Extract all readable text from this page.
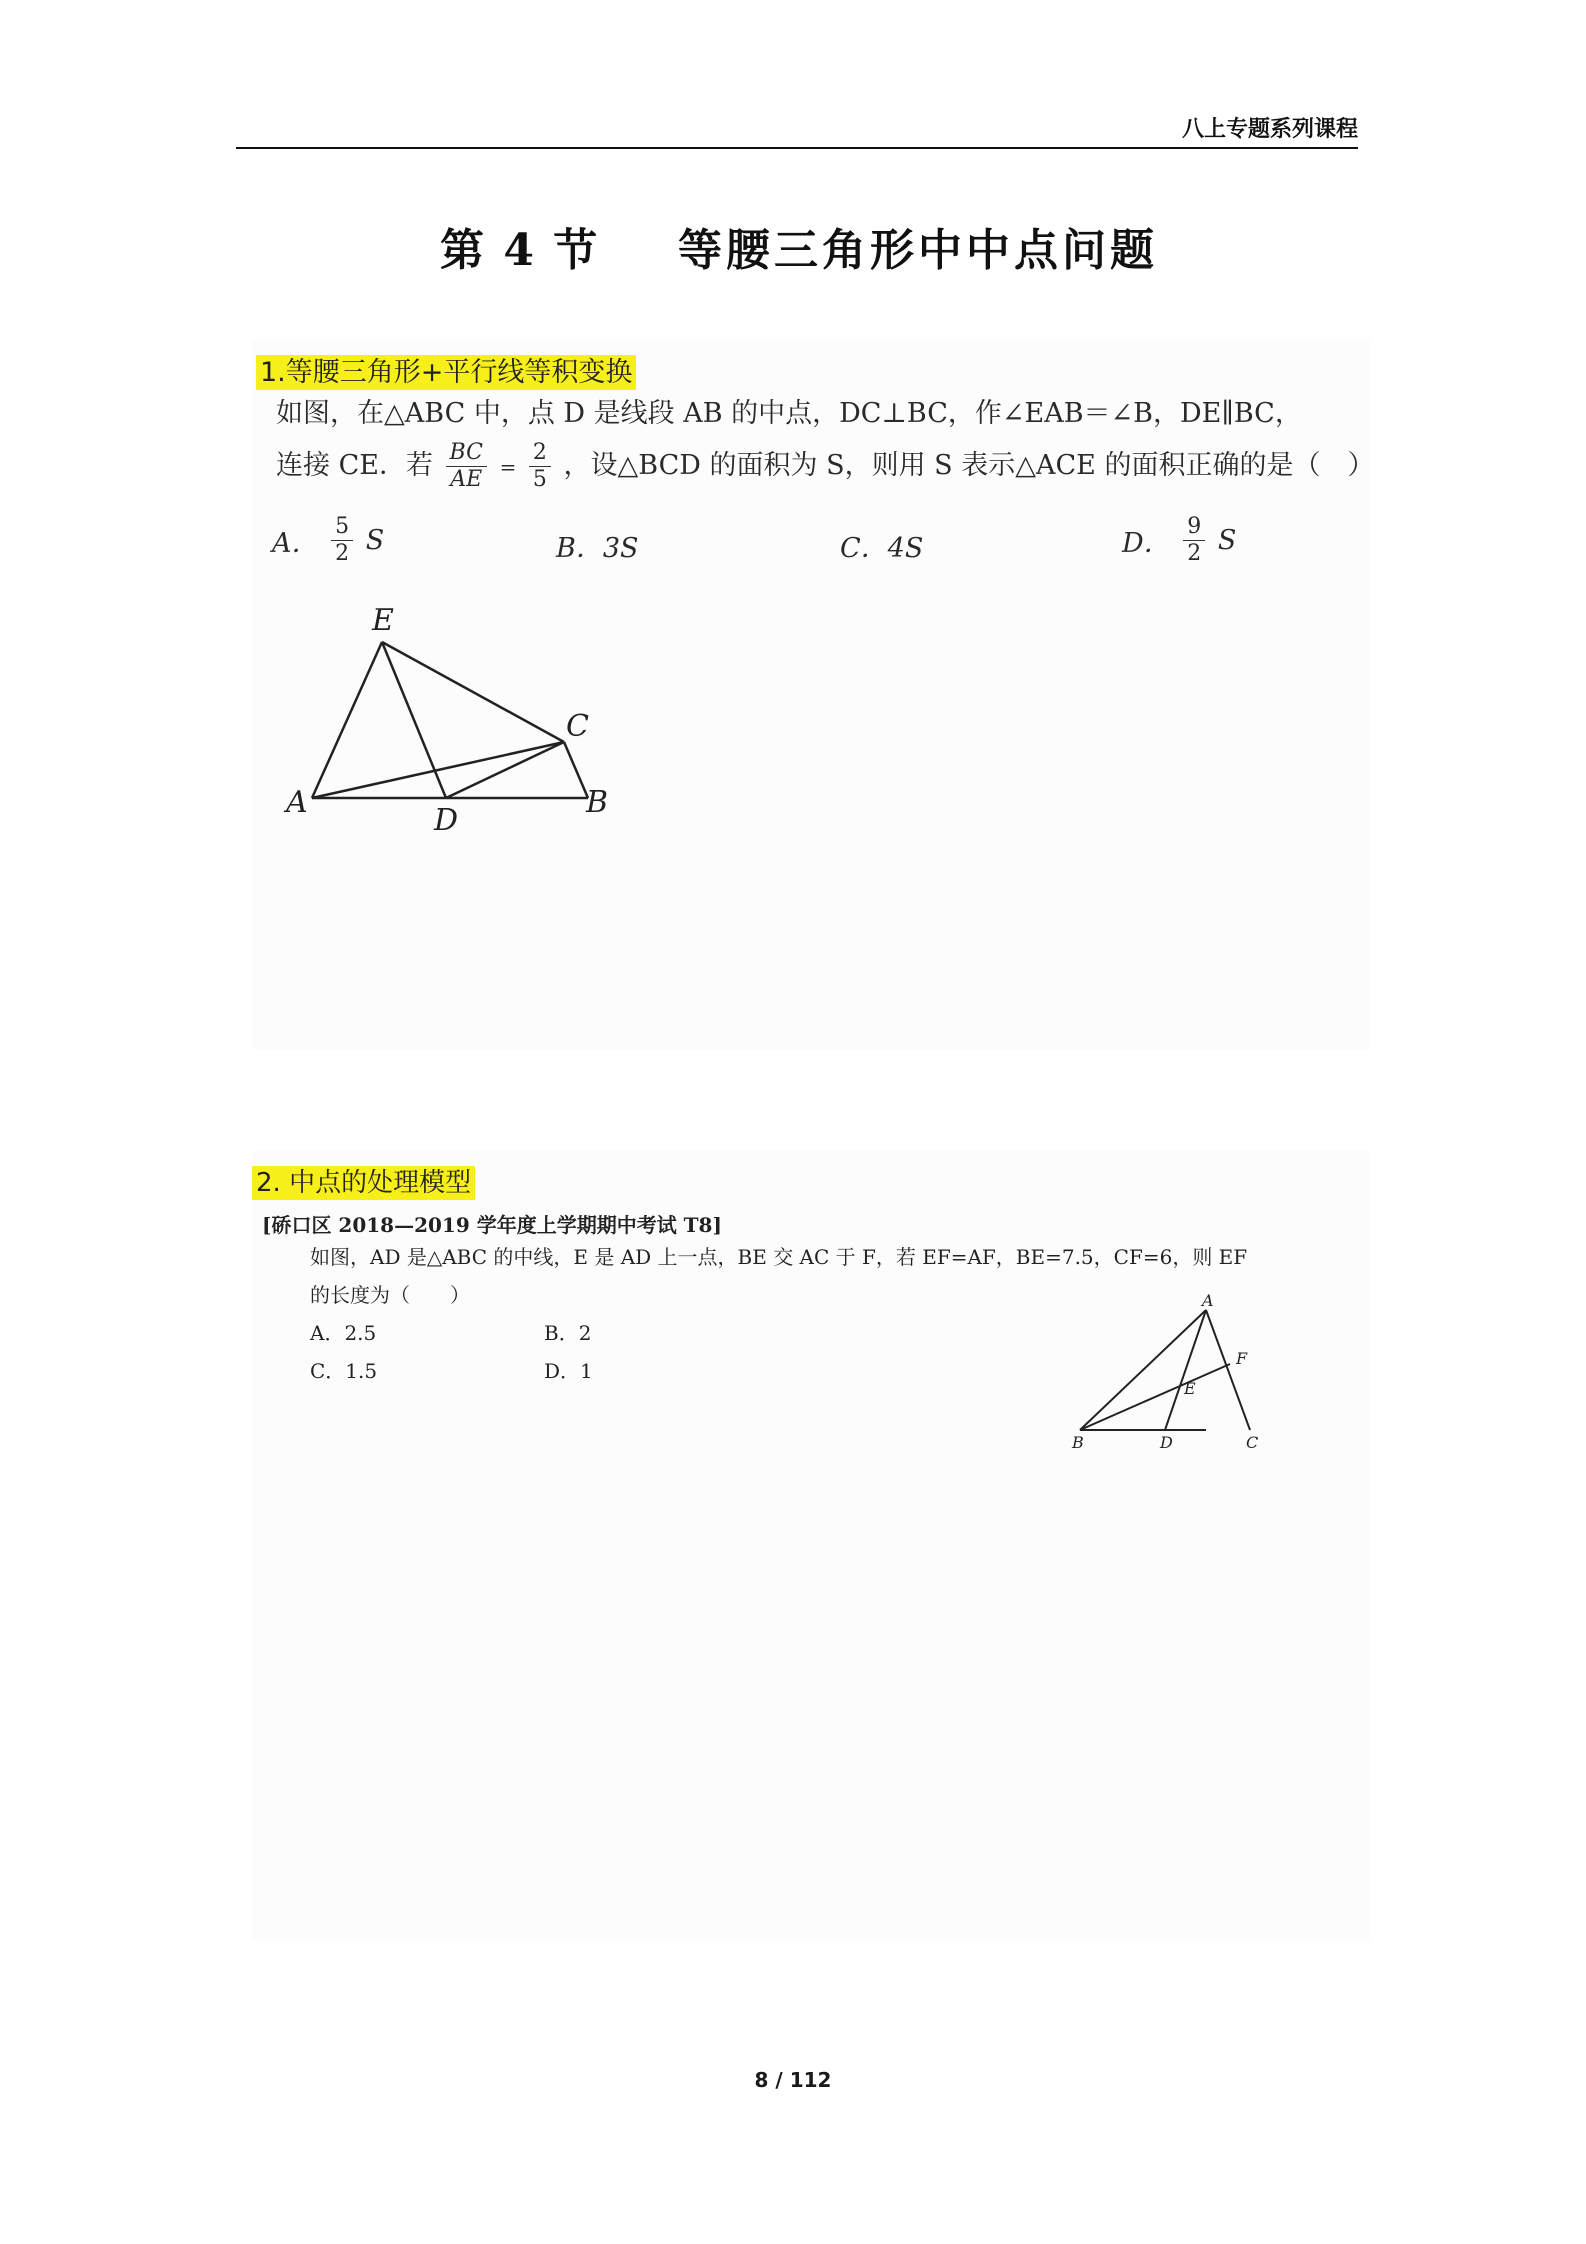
八上专题系列课程
第 4 节 等腰三角形中中点问题
1.等腰三角形+平行线等积变换
如图，在△ABC 中，点 D 是线段 AB 的中点，DC⊥BC，作∠EAB＝∠B，DE∥BC，
连接 CE．若 $\frac{BC}{AE} = \frac{2}{5}$ ，设△BCD 的面积为 S，则用 S 表示△ACE 的面积正确的是（　）
A． $\frac{5}{2}$ S	B．3S	C．4S	D． $\frac{9}{2}$ S
E
C
A
D
B
2. 中点的处理模型
[硚口区 2018—2019 学年度上学期期中考试 T8]
如图，AD 是△ABC 的中线，E 是 AD 上一点，BE 交 AC 于 F，若 EF=AF，BE=7.5，CF=6，则 EF
的长度为（　　）
A．2.5	B．2
C．1.5	D．1
A
F
E
B	D	C
8 / 112
